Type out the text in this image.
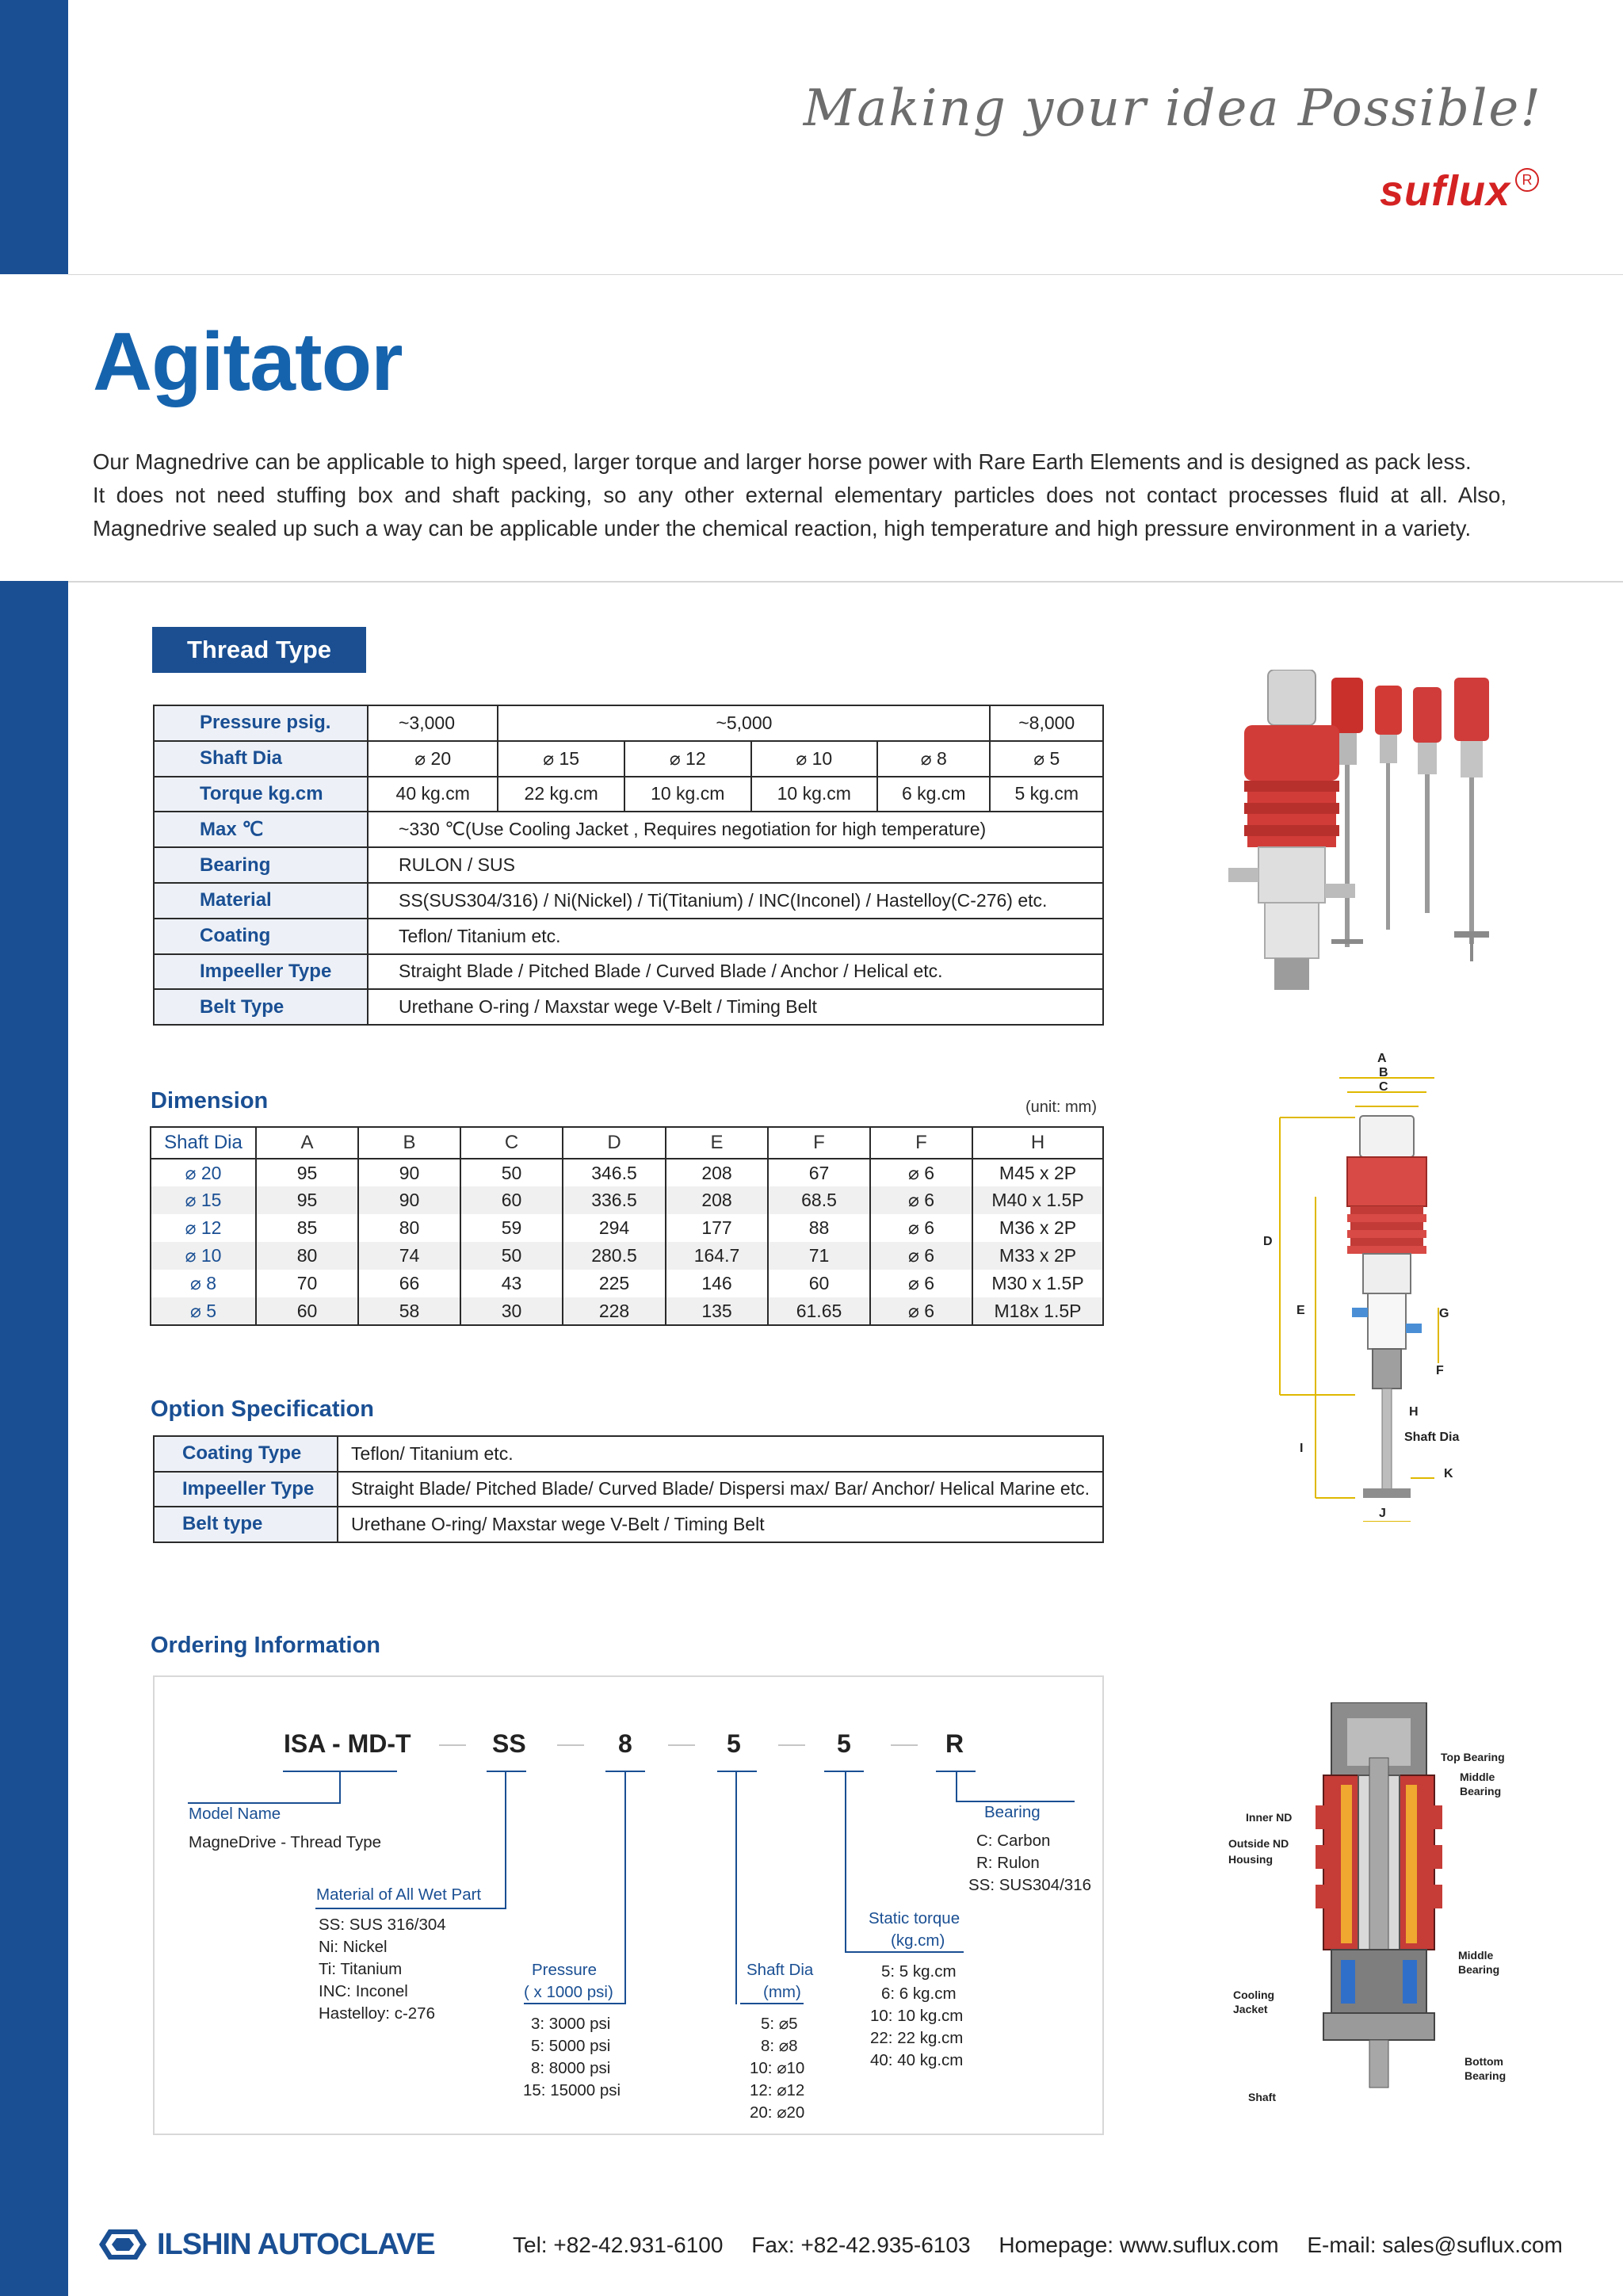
Making your idea Possible!
suflux R
Agitator
Our Magnedrive can be applicable to high speed, larger torque and larger horse power with Rare Earth Elements and is designed as pack less.
It does not need stuffing box and shaft packing, so any other external elementary particles does not contact processes fluid at all. Also,
Magnedrive sealed up such a way can be applicable under the chemical reaction, high temperature and high pressure environment in a variety.
Thread Type
Pressure psig.	~3,000	~5,000				~8,000
Shaft Dia	⌀ 20	⌀ 15	⌀ 12	⌀ 10	⌀ 8	⌀ 5
Torque kg.cm	40 kg.cm	22 kg.cm	10 kg.cm	10 kg.cm	6 kg.cm	5 kg.cm
Max ℃	~330 ℃(Use Cooling Jacket , Requires negotiation for high temperature)					
Bearing	RULON / SUS					
Material	SS(SUS304/316) / Ni(Nickel) / Ti(Titanium) / INC(Inconel) / Hastelloy(C-276) etc.					
Coating	Teflon/ Titanium etc.					
Impeeller Type	Straight Blade / Pitched Blade / Curved Blade / Anchor / Helical etc.					
Belt Type	Urethane O-ring / Maxstar wege V-Belt / Timing Belt					
Dimension	(unit: mm)
Shaft Dia	A	B	C	D	E	F	F	H
⌀ 20	95	90	50	346.5	208	67	⌀ 6	M45 x 2P
⌀ 15	95	90	60	336.5	208	68.5	⌀ 6	M40 x 1.5P
⌀ 12	85	80	59	294	177	88	⌀ 6	M36 x 2P
⌀ 10	80	74	50	280.5	164.7	71	⌀ 6	M33 x 2P
⌀ 8	70	66	43	225	146	60	⌀ 6	M30 x 1.5P
⌀ 5	60	58	30	228	135	61.65	⌀ 6	M18x 1.5P
Option Specification
Coating Type	Teflon/ Titanium etc.
Impeeller Type	Straight Blade/ Pitched Blade/ Curved Blade/ Dispersi max/ Bar/ Anchor/ Helical Marine etc.
Belt type	Urethane O-ring/ Maxstar wege V-Belt / Timing Belt
Ordering Information
ISA - MD-T	SS	8	5	5	R
Model Name
MagneDrive - Thread Type
Material of All Wet Part
SS: SUS 316/304
Ni: Nickel
Ti: Titanium
INC: Inconel
Hastelloy: c-276
Pressure
( x 1000 psi)
3: 3000 psi
5: 5000 psi
8: 8000 psi
15: 15000 psi
Shaft Dia
(mm)
5: ⌀5
8: ⌀8
10: ⌀10
12: ⌀12
20: ⌀20
Static torque
(kg.cm)
5: 5 kg.cm
6: 6 kg.cm
10: 10 kg.cm
22: 22 kg.cm
40: 40 kg.cm
Bearing
C: Carbon
R: Rulon
SS: SUS304/316
A
B
C
D
E	G
F
H
Shaft Dia
I
K
J
Top Bearing
Middle Bearing
Inner ND
Outside ND Housing
Middle Bearing
Cooling Jacket
Bottom Bearing
Shaft
ILSHIN AUTOCLAVE	Tel: +82-42.931-6100 Fax: +82-42.935-6103 Homepage: www.suflux.com E-mail: sales@suflux.com
